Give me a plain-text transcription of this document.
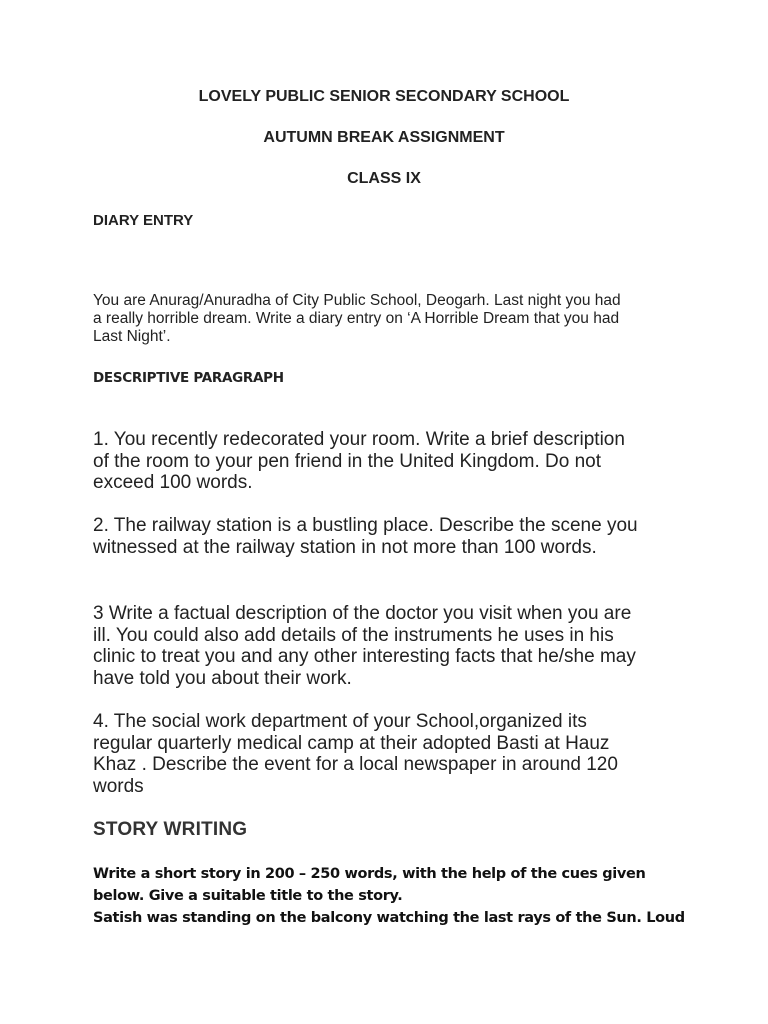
LOVELY PUBLIC SENIOR SECONDARY SCHOOL
AUTUMN BREAK ASSIGNMENT
CLASS IX
DIARY ENTRY
You are Anurag/Anuradha of City Public School, Deogarh. Last night you had
a really horrible dream. Write a diary entry on ‘A Horrible Dream that you had
Last Night’.
DESCRIPTIVE PARAGRAPH
1. You recently redecorated your room. Write a brief description
of the room to your pen friend in the United Kingdom. Do not
exceed 100 words.
2. The railway station is a bustling place. Describe the scene you
witnessed at the railway station in not more than 100 words.
3 Write a factual description of the doctor you visit when you are
ill. You could also add details of the instruments he uses in his
clinic to treat you and any other interesting facts that he/she may
have told you about their work.
4. The social work department of your School,organized its
regular quarterly medical camp at their adopted Basti at Hauz
Khaz . Describe the event for a local newspaper in around 120
words
STORY WRITING
Write a short story in 200 – 250 words, with the help of the cues given
below. Give a suitable title to the story.
Satish was standing on the balcony watching the last rays of the Sun. Loud
